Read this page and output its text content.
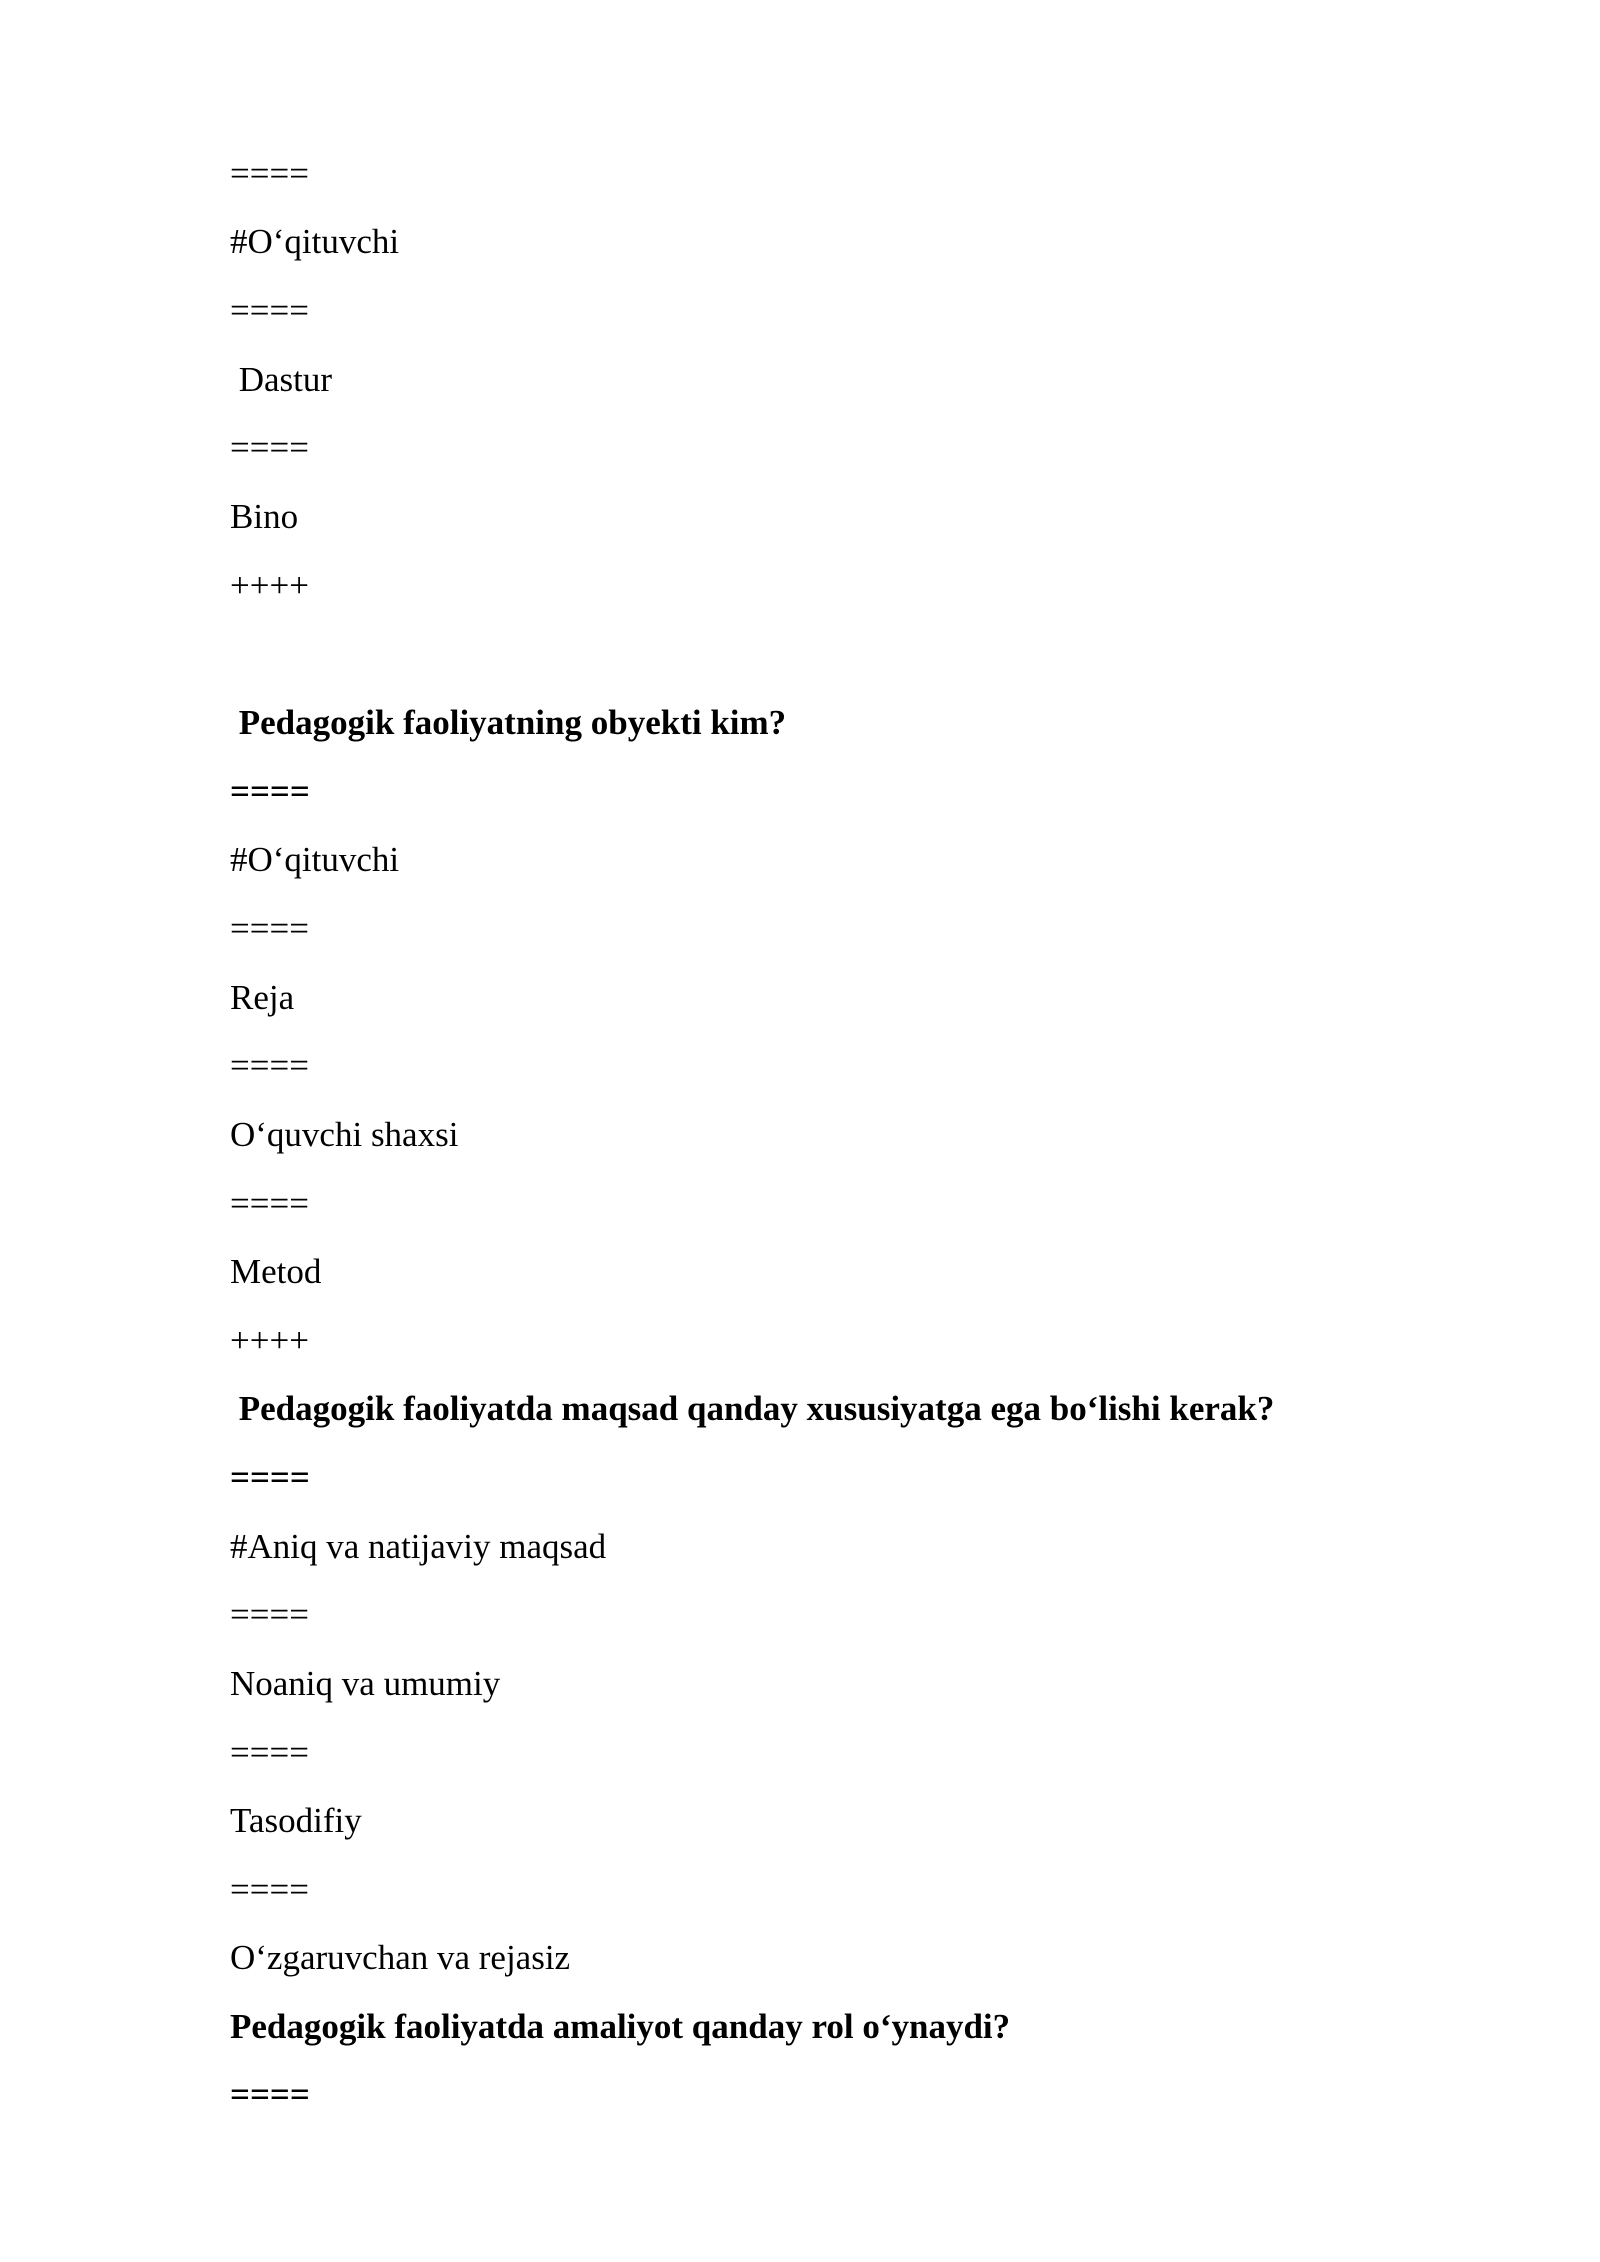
====
#O‘qituvchi
====
Dastur
====
Bino
++++
Pedagogik faoliyatning obyekti kim?
====
#O‘qituvchi
====
Reja
====
O‘quvchi shaxsi
====
Metod
++++
Pedagogik faoliyatda maqsad qanday xususiyatga ega bo‘lishi kerak?
====
#Aniq va natijaviy maqsad
====
Noaniq va umumiy
====
Tasodifiy
====
O‘zgaruvchan va rejasiz
Pedagogik faoliyatda amaliyot qanday rol o‘ynaydi?
====
